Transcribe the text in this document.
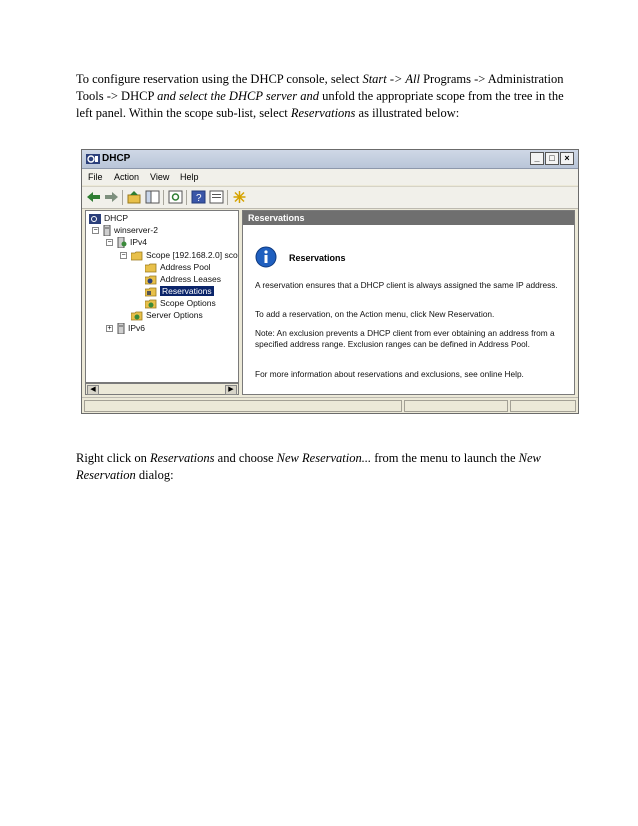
To configure reservation using the DHCP console, select Start -> All Programs -> Administration Tools -> DHCP and select the DHCP server and unfold the appropriate scope from the tree in the left panel. Within the scope sub-list, select Reservations as illustrated below:
DHCP	_	□	×
File Action View Help
?
DHCP
−	winserver-2
−	IPv4
−	Scope [192.168.2.0] sco
Address Pool
Address Leases
Reservations
Scope Options
Server Options
+	IPv6
◀	▶
Reservations
Reservations
A reservation ensures that a DHCP client is always assigned the same IP address.
To add a reservation, on the Action menu, click New Reservation.
Note: An exclusion prevents a DHCP client from ever obtaining an address from a specified address range. Exclusion ranges can be defined in Address Pool.
For more information about reservations and exclusions, see online Help.
Right click on Reservations and choose New Reservation... from the menu to launch the New Reservation dialog:
